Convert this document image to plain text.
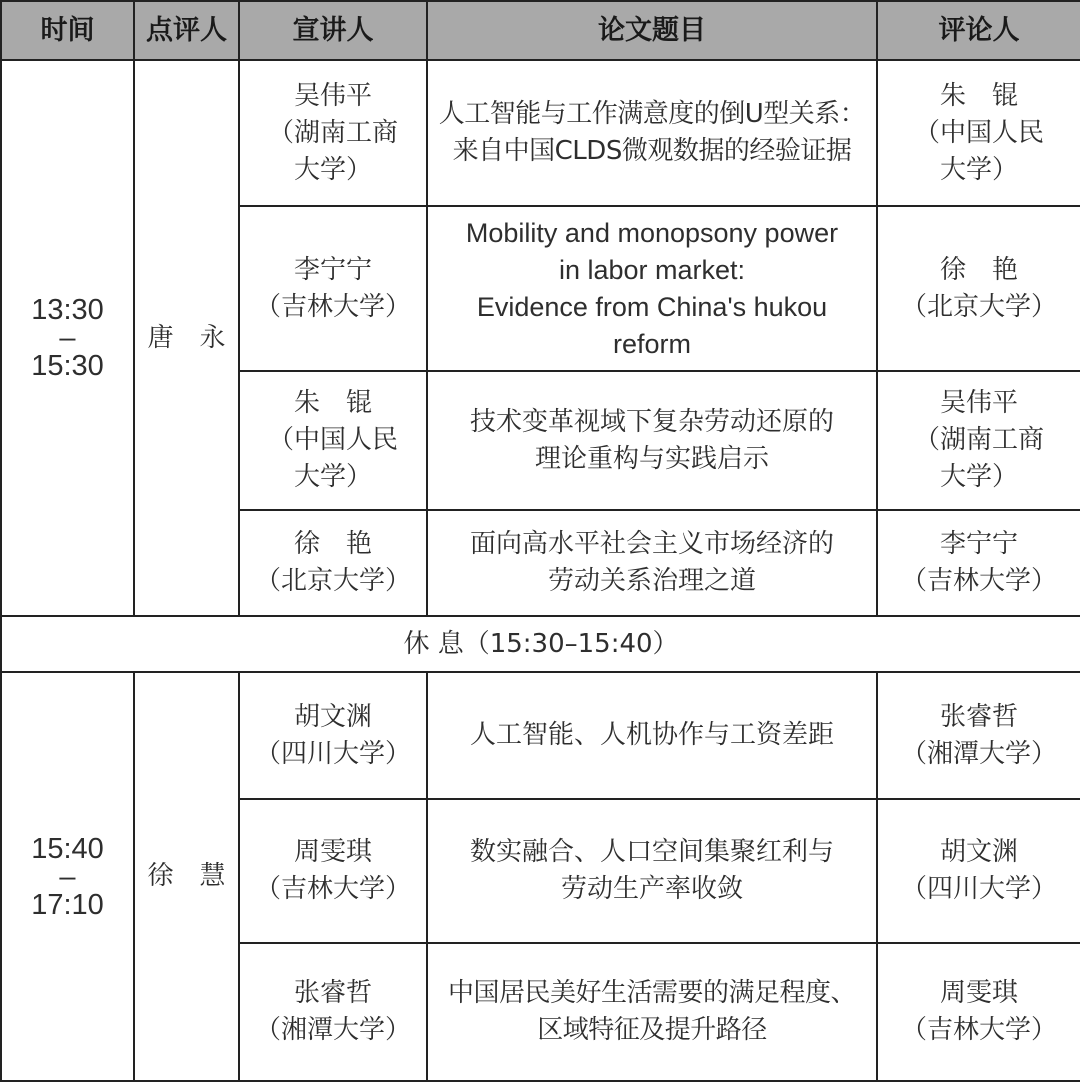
时间	点评人	宣讲人	论文题目	评论人

13:30
–
15:30	唐　永	吴伟平
（湖南工商
大学）	人工智能与工作满意度的倒U型关系：
来自中国CLDS微观数据的经验证据	朱　锟
（中国人民
大学）

		李宁宁
（吉林大学）	Mobility and monopsony power
in labor market:
Evidence from China's hukou
reform	徐　艳
（北京大学）

		朱　锟
（中国人民
大学）	技术变革视域下复杂劳动还原的
理论重构与实践启示	吴伟平
（湖南工商
大学）

		徐　艳
（北京大学）	面向高水平社会主义市场经济的
劳动关系治理之道	李宁宁
（吉林大学）

休 息（15:30–15:40）				

15:40
–
17:10	徐　慧	胡文渊
（四川大学）	人工智能、人机协作与工资差距	张睿哲
（湘潭大学）

		周雯琪
（吉林大学）	数实融合、人口空间集聚红利与
劳动生产率收敛	胡文渊
（四川大学）

		张睿哲
（湘潭大学）	中国居民美好生活需要的满足程度、
区域特征及提升路径	周雯琪
（吉林大学）
